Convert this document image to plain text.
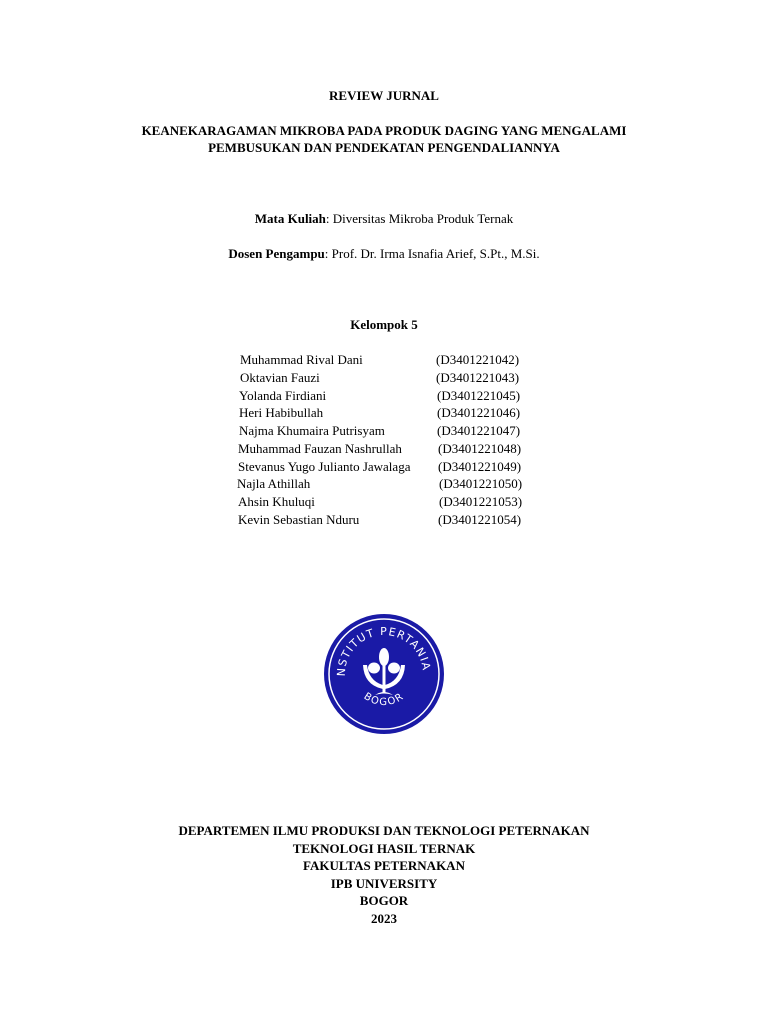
REVIEW JURNAL
KEANEKARAGAMAN MIKROBA PADA PRODUK DAGING YANG MENGALAMI
PEMBUSUKAN DAN PENDEKATAN PENGENDALIANNYA
Mata Kuliah: Diversitas Mikroba Produk Ternak
Dosen Pengampu: Prof. Dr. Irma Isnafia Arief, S.Pt., M.Si.
Kelompok 5
Muhammad Rival Dani	(D3401221042)
Oktavian Fauzi	(D3401221043)
Yolanda Firdiani	(D3401221045)
Heri Habibullah	(D3401221046)
Najma Khumaira Putrisyam	(D3401221047)
Muhammad Fauzan Nashrullah	(D3401221048)
Stevanus Yugo Julianto Jawalaga (D3401221049)
Najla Athillah	(D3401221050)
Ahsin Khuluqi	(D3401221053)
Kevin Sebastian Nduru	(D3401221054)
NSTITUT PERTANIA
BOGOR
DEPARTEMEN ILMU PRODUKSI DAN TEKNOLOGI PETERNAKAN
TEKNOLOGI HASIL TERNAK
FAKULTAS PETERNAKAN
IPB UNIVERSITY
BOGOR
2023
